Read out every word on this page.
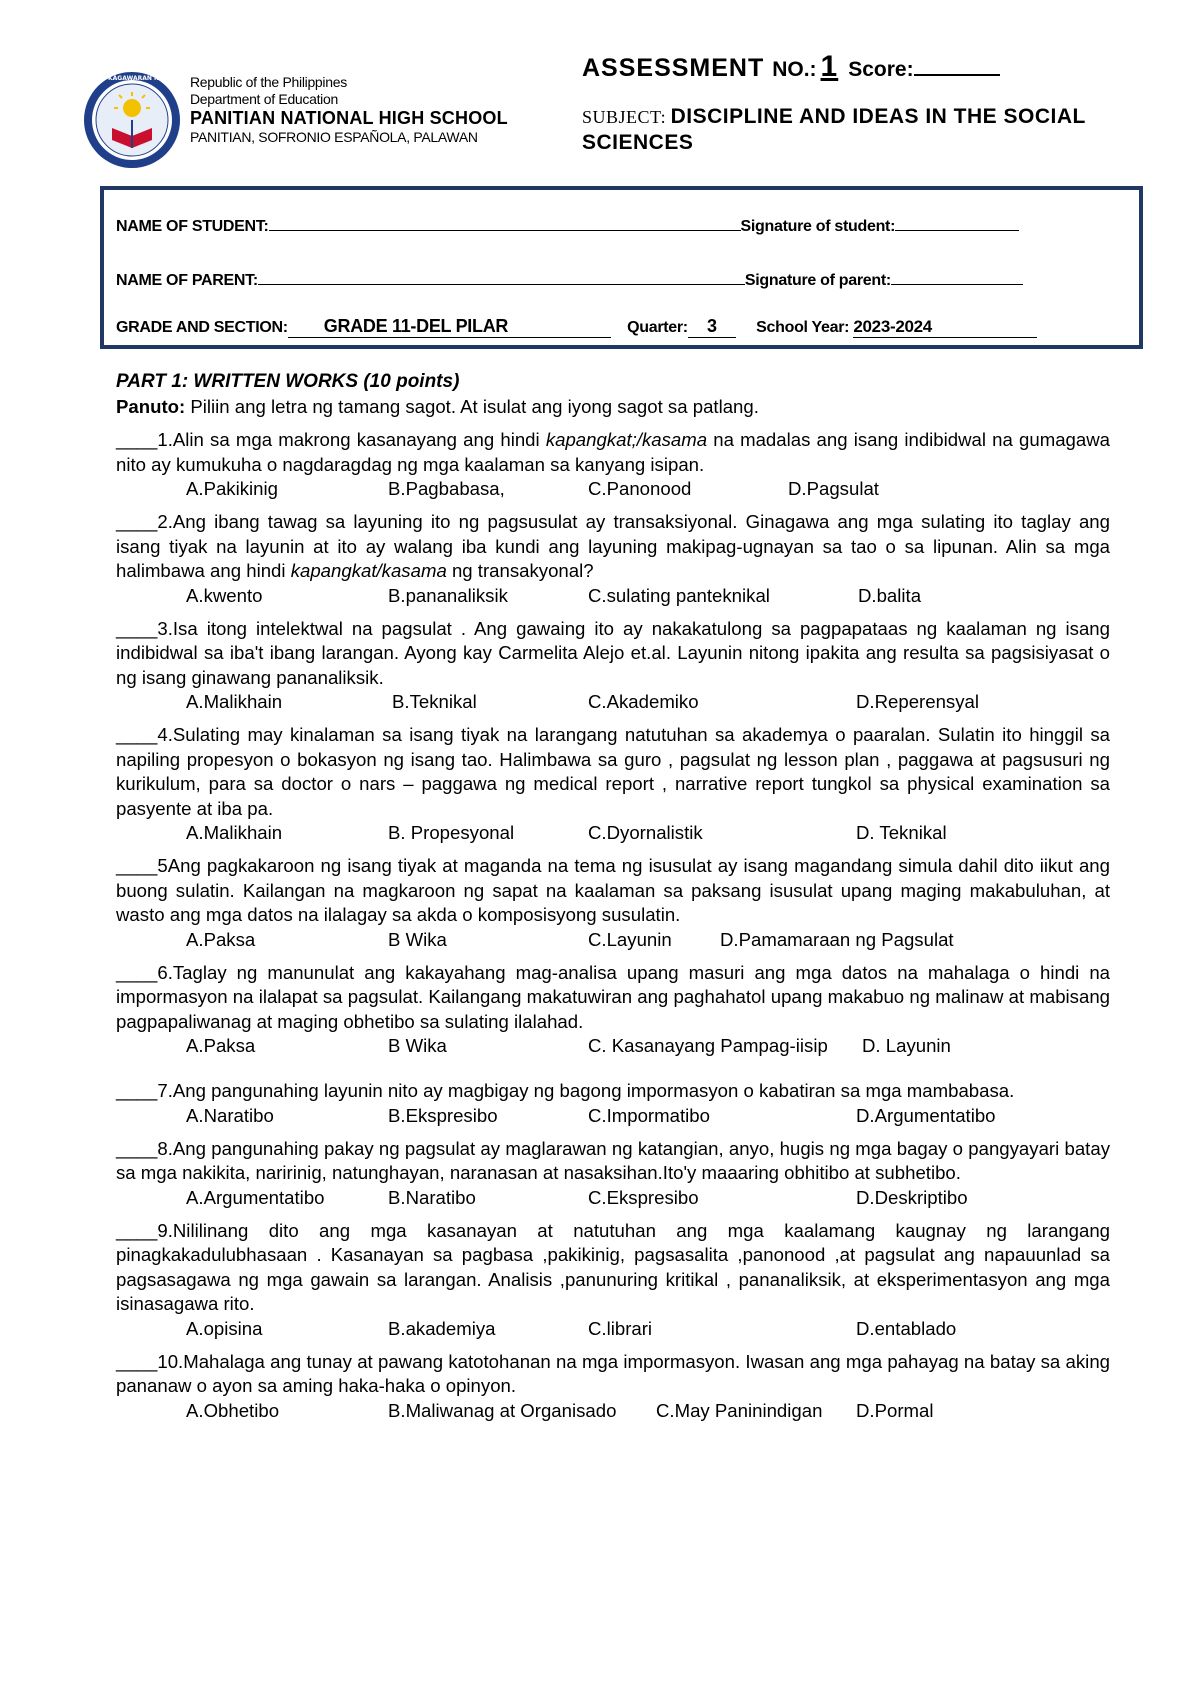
KAGAWARAN NG EDUKASYON
Republic of the Philippines
Department of Education
PANITIAN NATIONAL HIGH SCHOOL
PANITIAN, SOFRONIO ESPAÑOLA, PALAWAN
ASSESSMENT NO.: 1 Score:
SUBJECT: DISCIPLINE AND IDEAS IN THE SOCIAL SCIENCES
NAME OF STUDENT:	Signature of student:
NAME OF PARENT:	Signature of parent:
GRADE AND SECTION: GRADE 11-DEL PILAR	Quarter: 3 School Year: 2023-2024
PART 1: WRITTEN WORKS (10 points)
Panuto: Piliin ang letra ng tamang sagot. At isulat ang iyong sagot sa patlang.
____1.Alin sa mga makrong kasanayang ang hindi kapangkat;/kasama na madalas ang isang indibidwal na gumagawa nito ay kumukuha o nagdaragdag ng mga kaalaman sa kanyang isipan.
A.Pakikinig	B.Pagbabasa,	C.Panonood	D.Pagsulat
____2.Ang ibang tawag sa layuning ito ng pagsusulat ay transaksiyonal. Ginagawa ang mga sulating ito taglay ang isang tiyak na layunin at ito ay walang iba kundi ang layuning makipag-ugnayan sa tao o sa lipunan. Alin sa mga halimbawa ang hindi kapangkat/kasama ng transakyonal?
A.kwento	B.pananaliksik	C.sulating panteknikal	D.balita
____3.Isa itong intelektwal na pagsulat . Ang gawaing ito ay nakakatulong sa pagpapataas ng kaalaman ng isang indibidwal sa iba't ibang larangan. Ayong kay Carmelita Alejo et.al. Layunin nitong ipakita ang resulta sa pagsisiyasat o ng isang ginawang pananaliksik.
A.Malikhain	B.Teknikal	C.Akademiko	D.Reperensyal
____4.Sulating may kinalaman sa isang tiyak na larangang natutuhan sa akademya o paaralan. Sulatin ito hinggil sa napiling propesyon o bokasyon ng isang tao. Halimbawa sa guro , pagsulat ng lesson plan , paggawa at pagsusuri ng kurikulum, para sa doctor o nars – paggawa ng medical report , narrative report tungkol sa physical examination sa pasyente at iba pa.
A.Malikhain	B. Propesyonal	C.Dyornalistik	D. Teknikal
____5Ang pagkakaroon ng isang tiyak at maganda na tema ng isusulat ay isang magandang simula dahil dito iikut ang buong sulatin. Kailangan na magkaroon ng sapat na kaalaman sa paksang isusulat upang maging makabuluhan, at wasto ang mga datos na ilalagay sa akda o komposisyong susulatin.
A.Paksa	B Wika	C.Layunin	D.Pamamaraan ng Pagsulat
____6.Taglay ng manunulat ang kakayahang mag-analisa upang masuri ang mga datos na mahalaga o hindi na impormasyon na ilalapat sa pagsulat. Kailangang makatuwiran ang paghahatol upang makabuo ng malinaw at mabisang pagpapaliwanag at maging obhetibo sa sulating ilalahad.
A.Paksa	B Wika	C. Kasanayang Pampag-iisip D. Layunin
____7.Ang pangunahing layunin nito ay magbigay ng bagong impormasyon o kabatiran sa mga mambabasa.
A.Naratibo	B.Ekspresibo	C.Impormatibo	D.Argumentatibo
____8.Ang pangunahing pakay ng pagsulat ay maglarawan ng katangian, anyo, hugis ng mga bagay o pangyayari batay sa mga nakikita, naririnig, natunghayan, naranasan at nasaksihan.Ito'y maaaring obhitibo at subhetibo.
A.Argumentatibo	B.Naratibo	C.Ekspresibo	D.Deskriptibo
____9.Nililinang dito ang mga kasanayan at natutuhan ang mga kaalamang kaugnay ng larangang pinagkakadulubhasaan . Kasanayan sa pagbasa ,pakikinig, pagsasalita ,panonood ,at pagsulat ang napauunlad sa pagsasagawa ng mga gawain sa larangan. Analisis ,panunuring kritikal , pananaliksik, at eksperimentasyon ang mga isinasagawa rito.
A.opisina	B.akademiya	C.librari	D.entablado
____10.Mahalaga ang tunay at pawang katotohanan na mga impormasyon. Iwasan ang mga pahayag na batay sa aking pananaw o ayon sa aming haka-haka o opinyon.
A.Obhetibo	B.Maliwanag at Organisado C.May Paninindigan D.Pormal
